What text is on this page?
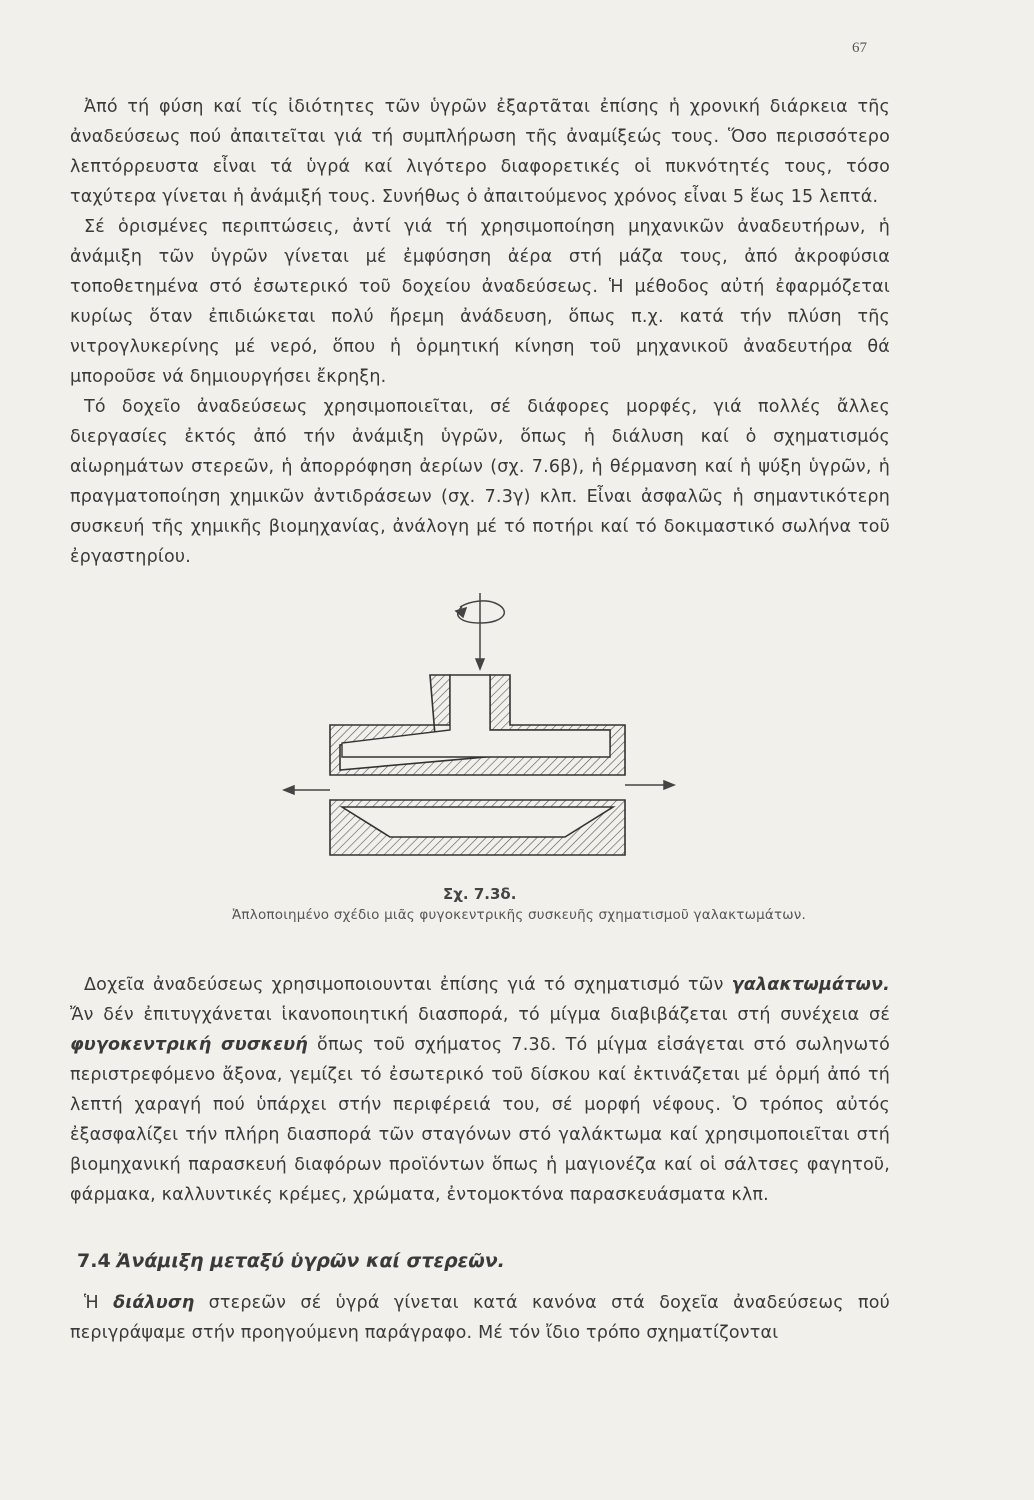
67

Ἀπό τή φύση καί τίς ἰδιότητες τῶν ὑγρῶν ἐξαρτᾶται ἐπίσης ἡ χρονική διάρκεια τῆς ἀναδεύσεως πού ἀπαιτεῖται γιά τή συμπλήρωση τῆς ἀναμίξεώς τους. Ὅσο περισσότερο λεπτόρρευστα εἶναι τά ὑγρά καί λιγότερο διαφορετικές οἱ πυκνότητές τους, τόσο ταχύτερα γίνεται ἡ ἀνάμιξή τους. Συνήθως ὁ ἀπαιτούμενος χρόνος εἶναι 5 ἕως 15 λεπτά.

Σέ ὁρισμένες περιπτώσεις, ἀντί γιά τή χρησιμοποίηση μηχανικῶν ἀναδευτήρων, ἡ ἀνάμιξη τῶν ὑγρῶν γίνεται μέ ἐμφύσηση ἀέρα στή μάζα τους, ἀπό ἀκροφύσια τοποθετημένα στό ἐσωτερικό τοῦ δοχείου ἀναδεύσεως. Ἡ μέθοδος αὐτή ἐφαρμόζεται κυρίως ὅταν ἐπιδιώκεται πολύ ἤρεμη ἀνάδευση, ὅπως π.χ. κατά τήν πλύση τῆς νιτρογλυκερίνης μέ νερό, ὅπου ἡ ὁρμητική κίνηση τοῦ μηχανικοῦ ἀναδευτήρα θά μποροῦσε νά δημιουργήσει ἔκρηξη.

Τό δοχεῖο ἀναδεύσεως χρησιμοποιεῖται, σέ διάφορες μορφές, γιά πολλές ἄλλες διεργασίες ἐκτός ἀπό τήν ἀνάμιξη ὑγρῶν, ὅπως ἡ διάλυση καί ὁ σχηματισμός αἰωρημάτων στερεῶν, ἡ ἀπορρόφηση ἀερίων (σχ. 7.6β), ἡ θέρμανση καί ἡ ψύξη ὑγρῶν, ἡ πραγματοποίηση χημικῶν ἀντιδράσεων (σχ. 7.3γ) κλπ. Εἶναι ἀσφαλῶς ἡ σημαντικότερη συσκευή τῆς χημικῆς βιομηχανίας, ἀνάλογη μέ τό ποτήρι καί τό δοκιμαστικό σωλήνα τοῦ ἐργαστηρίου.

Σχ. 7.3δ.
Ἁπλοποιημένο σχέδιο μιᾶς φυγοκεντρικῆς συσκευῆς σχηματισμοῦ γαλακτωμάτων.

Δοχεῖα ἀναδεύσεως χρησιμοποιουνται ἐπίσης γιά τό σχηματισμό τῶν γαλακτωμάτων. Ἄν δέν ἐπιτυγχάνεται ἱκανοποιητική διασπορά, τό μίγμα διαβιβάζεται στή συνέχεια σέ φυγοκεντρική συσκευή ὅπως τοῦ σχήματος 7.3δ. Τό μίγμα εἰσάγεται στό σωληνωτό περιστρεφόμενο ἄξονα, γεμίζει τό ἐσωτερικό τοῦ δίσκου καί ἐκτινάζεται μέ ὁρμή ἀπό τή λεπτή χαραγή πού ὑπάρχει στήν περιφέρειά του, σέ μορφή νέφους. Ὁ τρόπος αὐτός ἐξασφαλίζει τήν πλήρη διασπορά τῶν σταγόνων στό γαλάκτωμα καί χρησιμοποιεῖται στή βιομηχανική παρασκευή διαφόρων προϊόντων ὅπως ἡ μαγιονέζα καί οἱ σάλτσες φαγητοῦ, φάρμακα, καλλυντικές κρέμες, χρώματα, ἐντομοκτόνα παρασκευάσματα κλπ.

7.4 Ἀνάμιξη μεταξύ ὑγρῶν καί στερεῶν.

Ἡ διάλυση στερεῶν σέ ὑγρά γίνεται κατά κανόνα στά δοχεῖα ἀναδεύσεως πού περιγράψαμε στήν προηγούμενη παράγραφο. Μέ τόν ἴδιο τρόπο σχηματίζονται
